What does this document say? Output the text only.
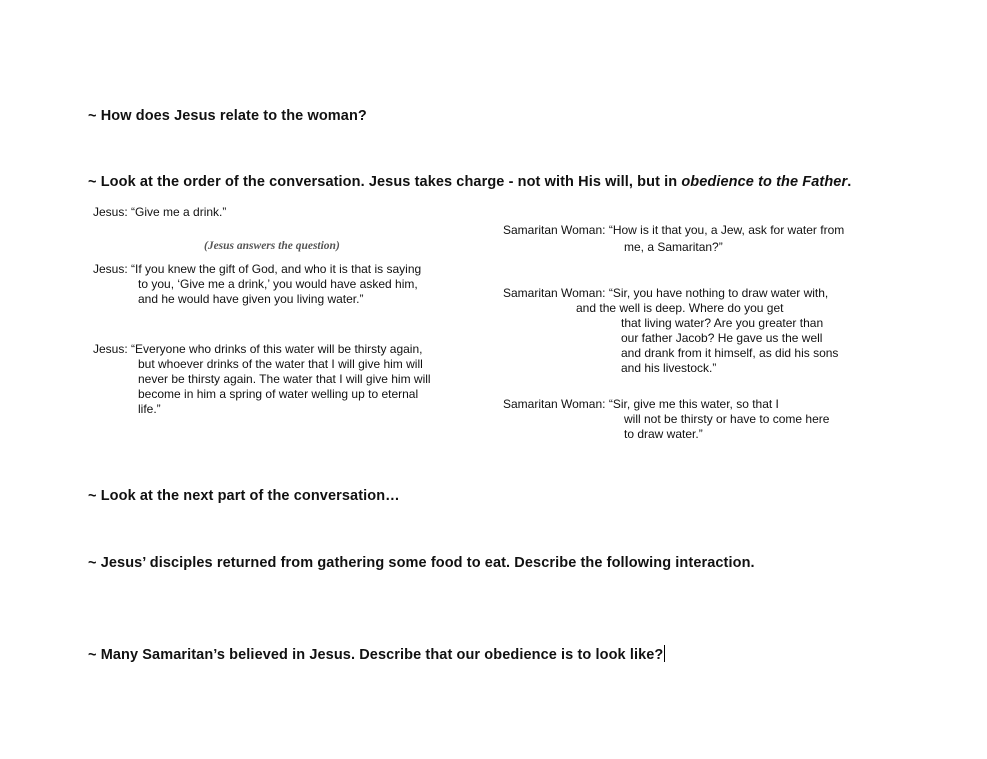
~ How does Jesus relate to the woman?
~ Look at the order of the conversation. Jesus takes charge - not with His will, but in obedience to the Father.
Jesus: “Give me a drink.”
(Jesus answers the question)
Jesus: “If you knew the gift of God, and who it is that is saying
to you, ‘Give me a drink,’ you would have asked him,
and he would have given you living water.”
Jesus: “Everyone who drinks of this water will be thirsty again,
but whoever drinks of the water that I will give him will
never be thirsty again. The water that I will give him will
become in him a spring of water welling up to eternal
life.”
Samaritan Woman: “How is it that you, a Jew, ask for water from
me, a Samaritan?”
Samaritan Woman: “Sir, you have nothing to draw water with,
and the well is deep. Where do you get
that living water? Are you greater than
our father Jacob? He gave us the well
and drank from it himself, as did his sons
and his livestock.”
Samaritan Woman: “Sir, give me this water, so that I
will not be thirsty or have to come here
to draw water.”
~ Look at the next part of the conversation…
~ Jesus’ disciples returned from gathering some food to eat. Describe the following interaction.
~ Many Samaritan’s believed in Jesus. Describe that our obedience is to look like?
